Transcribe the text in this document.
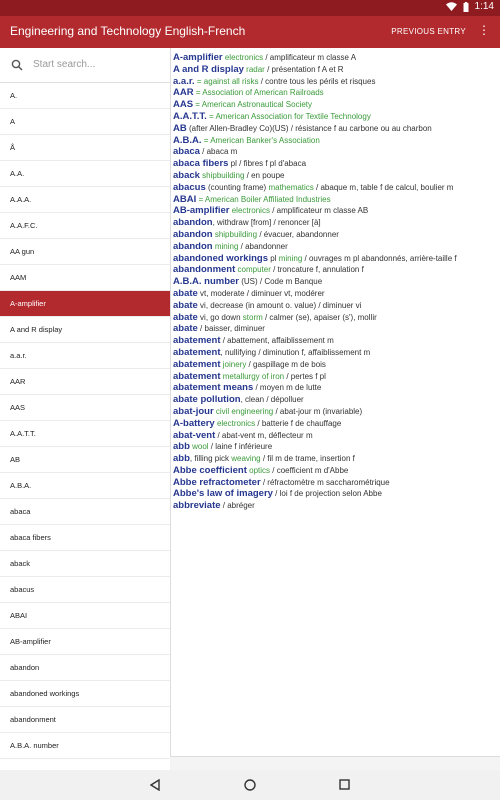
1:14
Engineering and Technology English-French	PREVIOUS ENTRY ⋮
Start search...
A.
A
Å
A.A.
A.A.A.
A.A.F.C.
AA gun
AAM
A-amplifier
A and R display
a.a.r.
AAR
AAS
A.A.T.T.
AB
A.B.A.
abaca
abaca fibers
aback
abacus
ABAI
AB-amplifier
abandon
abandoned workings
abandonment
A.B.A. number
A-amplifier electronics / amplificateur m classe A
A and R display radar / présentation f A et R
a.a.r. = against all risks / contre tous les périls et risques
AAR = Association of American Railroads
AAS = American Astronautical Society
A.A.T.T. = American Association for Textile Technology
AB (after Allen-Bradley Co)(US) / résistance f au carbone ou au charbon
A.B.A. = American Banker's Association
abaca / abaca m
abaca fibers pl / fibres f pl d'abaca
aback shipbuilding / en poupe
abacus (counting frame) mathematics / abaque m, table f de calcul, boulier m
ABAI = American Boiler Affiliated Industries
AB-amplifier electronics / amplificateur m classe AB
abandon, withdraw [from] / renoncer [à]
abandon shipbuilding / évacuer, abandonner
abandon mining / abandonner
abandoned workings pl mining / ouvrages m pl abandonnés, arrière-taille f
abandonment computer / troncature f, annulation f
A.B.A. number (US) / Code m Banque
abate vt, moderate / diminuer vt, modérer
abate vi, decrease (in amount o. value) / diminuer vi
abate vi, go down storm / calmer (se), apaiser (s'), mollir
abate / baisser, diminuer
abatement / abattement, affaiblissement m
abatement, nullifying / diminution f, affaiblissement m
abatement joinery / gaspillage m de bois
abatement metallurgy of iron / pertes f pl
abatement means / moyen m de lutte
abate pollution, clean / dépolluer
abat-jour civil engineering / abat-jour m (invariable)
A-battery electronics / batterie f de chauffage
abat-vent / abat-vent m, déflecteur m
abb wool / laine f inférieure
abb, filling pick weaving / fil m de trame, insertion f
Abbe coefficient optics / coefficient m d'Abbe
Abbe refractometer / réfractomètre m saccharométrique
Abbe's law of imagery / loi f de projection selon Abbe
abbreviate / abréger
